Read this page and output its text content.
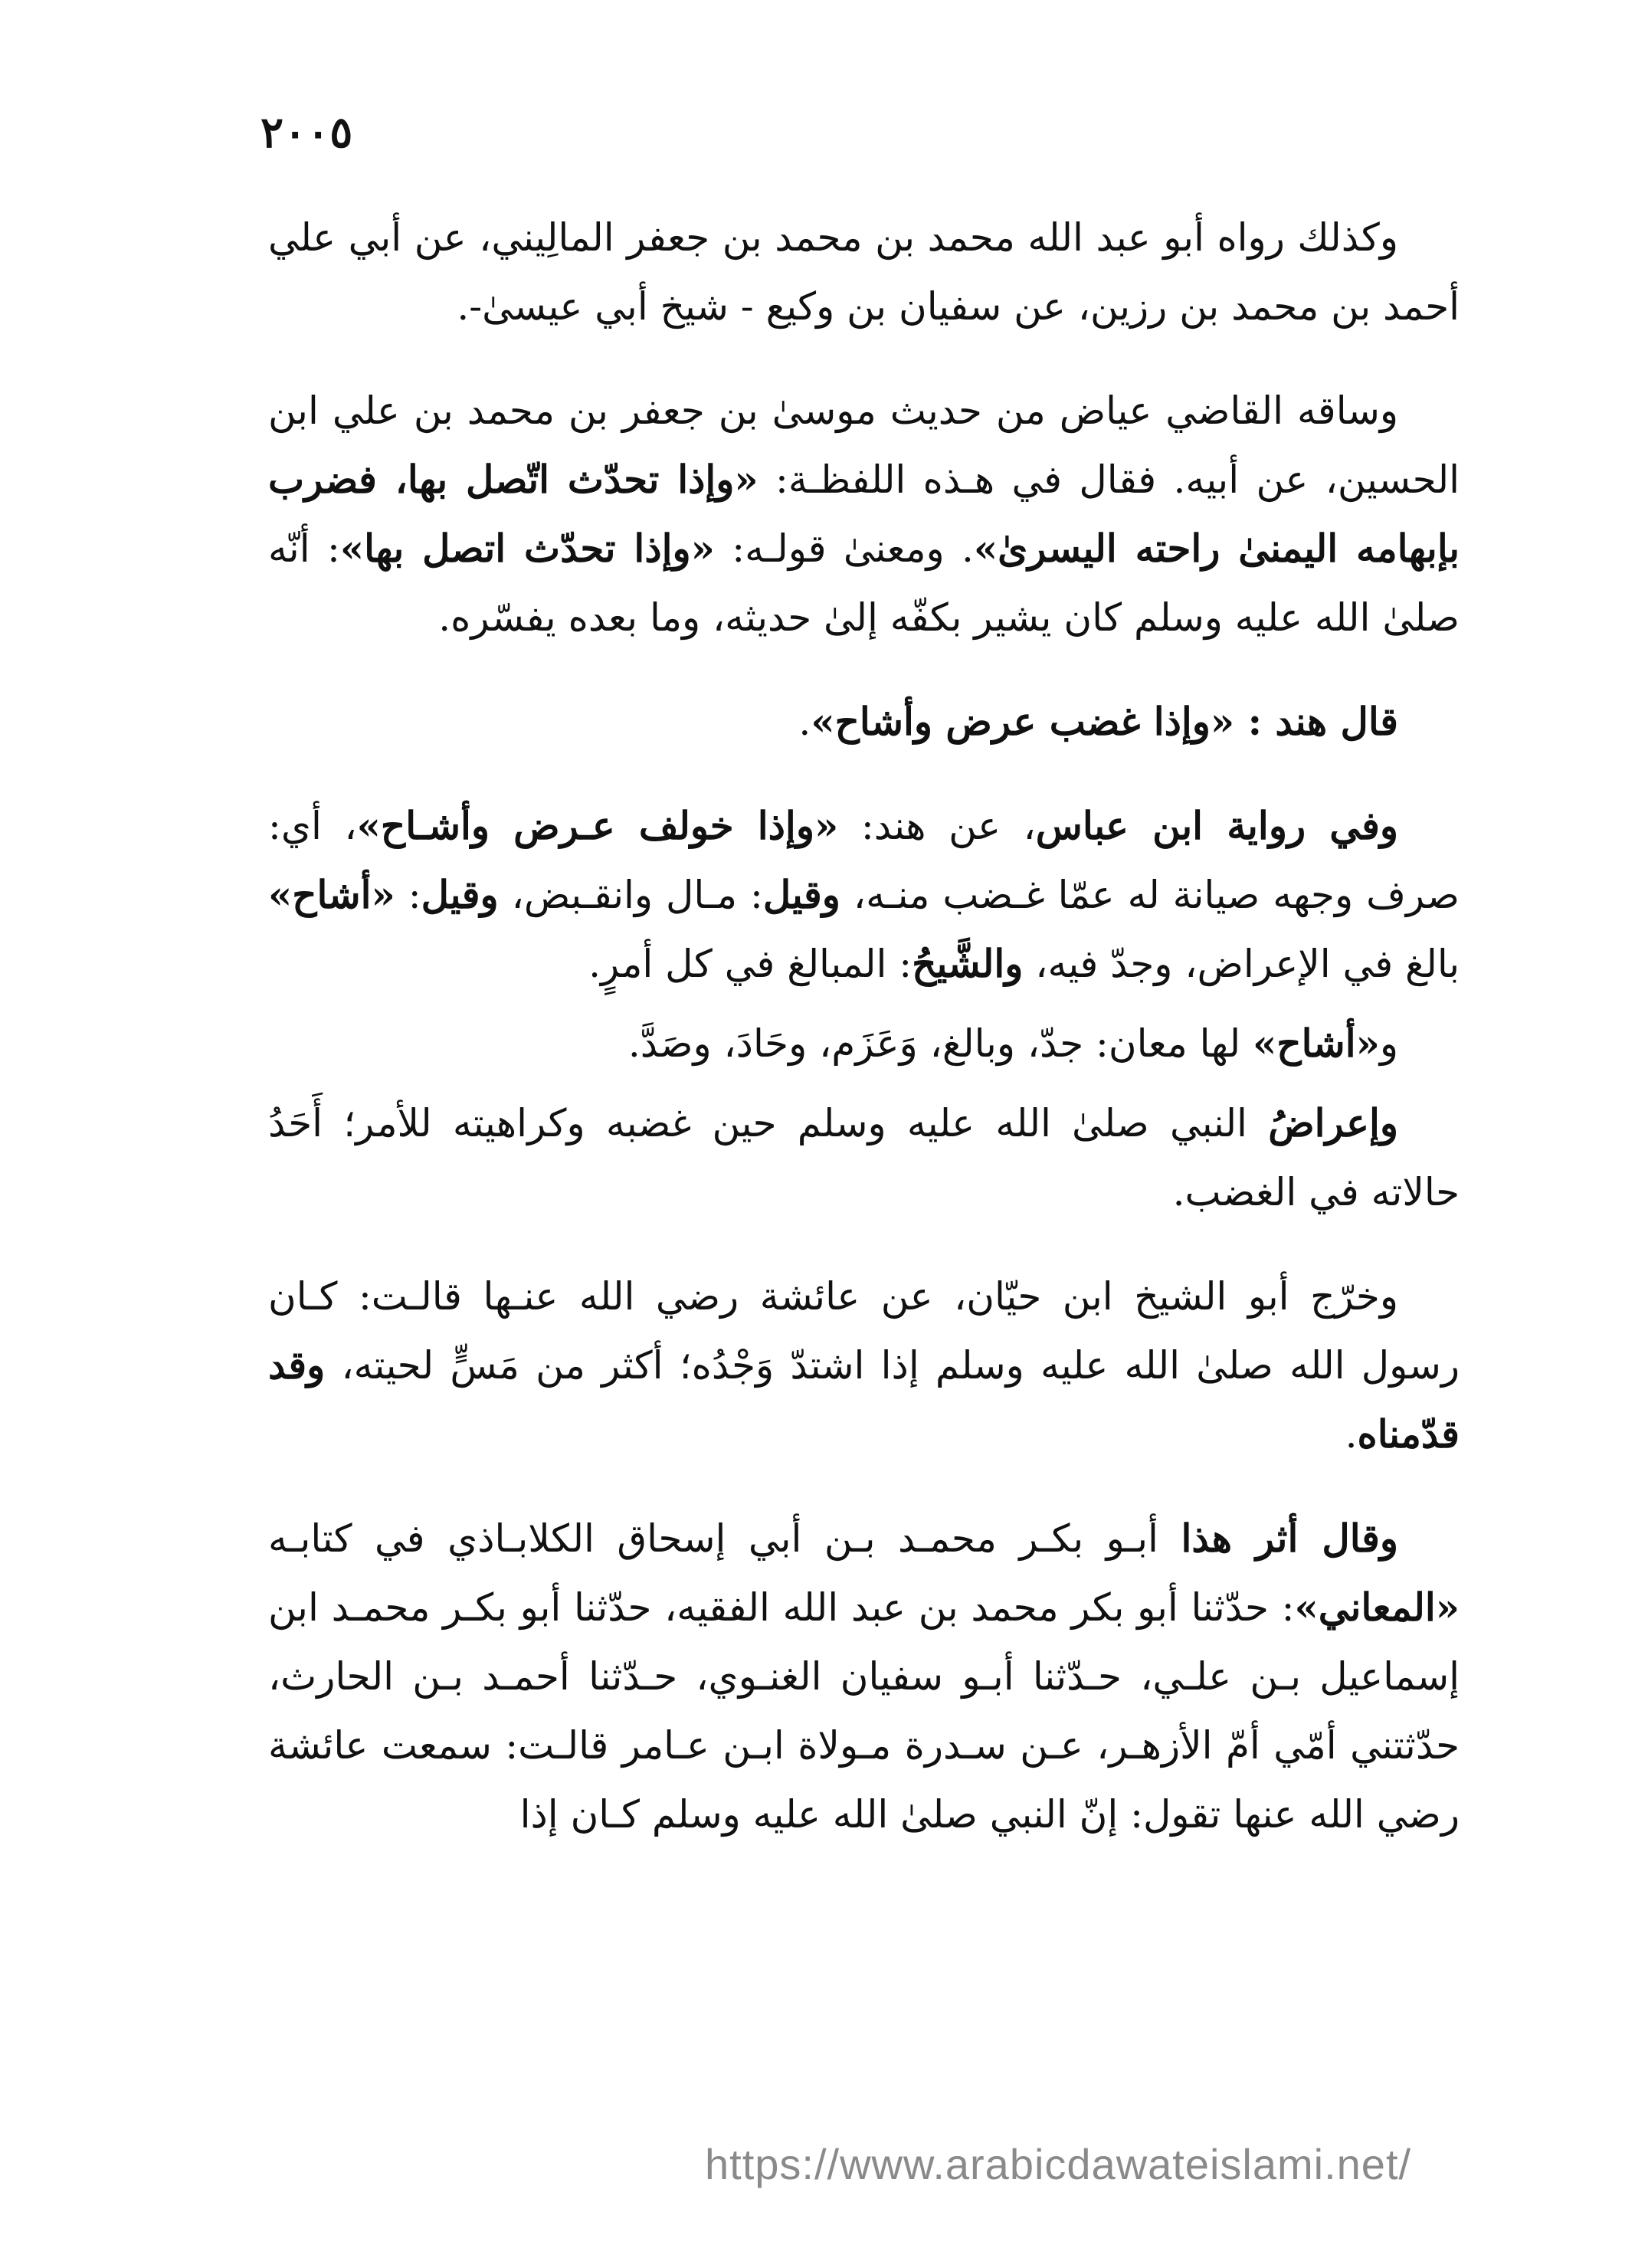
٢٠٠٥

وكذلك رواه أبو عبد الله محمد بن محمد بن جعفر المالِيني، عن أبي علي أحمد بن محمد بن رزين، عن سفيان بن وكيع - شيخ أبي عيسىٰ-.

وساقه القاضي عياض من حديث موسىٰ بن جعفر بن محمد بن علي ابن الحسين، عن أبيه. فقال في هـذه اللفظـة: «وإذا تحدّث اتّصل بها، فضرب بإبهامه اليمنىٰ راحته اليسرىٰ». ومعنىٰ قولـه: «وإذا تحدّث اتصل بها»: أنّه صلىٰ الله عليه وسلم كان يشير بكفّه إلىٰ حديثه، وما بعده يفسّره.

قال هند : «وإذا غضب عرض وأشاح».

وفي رواية ابن عباس، عن هند: «وإذا خولف عـرض وأشـاح»، أي: صرف وجهه صيانة له عمّا غـضب منـه، وقيل: مـال وانقـبض، وقيل: «أشاح» بالغ في الإعراض، وجدّ فيه، والشَّيحُ: المبالغ في كل أمرٍ.

و«أشاح» لها معان: جدّ، وبالغ، وَعَزَم، وحَادَ، وصَدَّ.

وإعراضُ النبي صلىٰ الله عليه وسلم حين غضبه وكراهيته للأمر؛ أَحَدُ حالاته في الغضب.

وخرّج أبو الشيخ ابن حيّان، عن عائشة رضي الله عنـها قالـت: كـان رسول الله صلىٰ الله عليه وسلم إذا اشتدّ وَجْدُه؛ أكثر من مَسٍّ لحيته، وقد قدّمناه.

وقال أثر هذا أبـو بكـر محمـد بـن أبي إسحاق الكلابـاذي في كتابـه «المعاني»: حدّثنا أبو بكر محمد بن عبد الله الفقيه، حدّثنا أبو بكـر محمـد ابن إسماعيل بـن علـي، حـدّثنا أبـو سفيان الغنـوي، حـدّثنا أحمـد بـن الحارث، حدّثتني أمّي أمّ الأزهـر، عـن سـدرة مـولاة ابـن عـامر قالـت: سمعت عائشة رضي الله عنها تقول: إنّ النبي صلىٰ الله عليه وسلم كـان إذا

https://www.arabicdawateislami.net/
